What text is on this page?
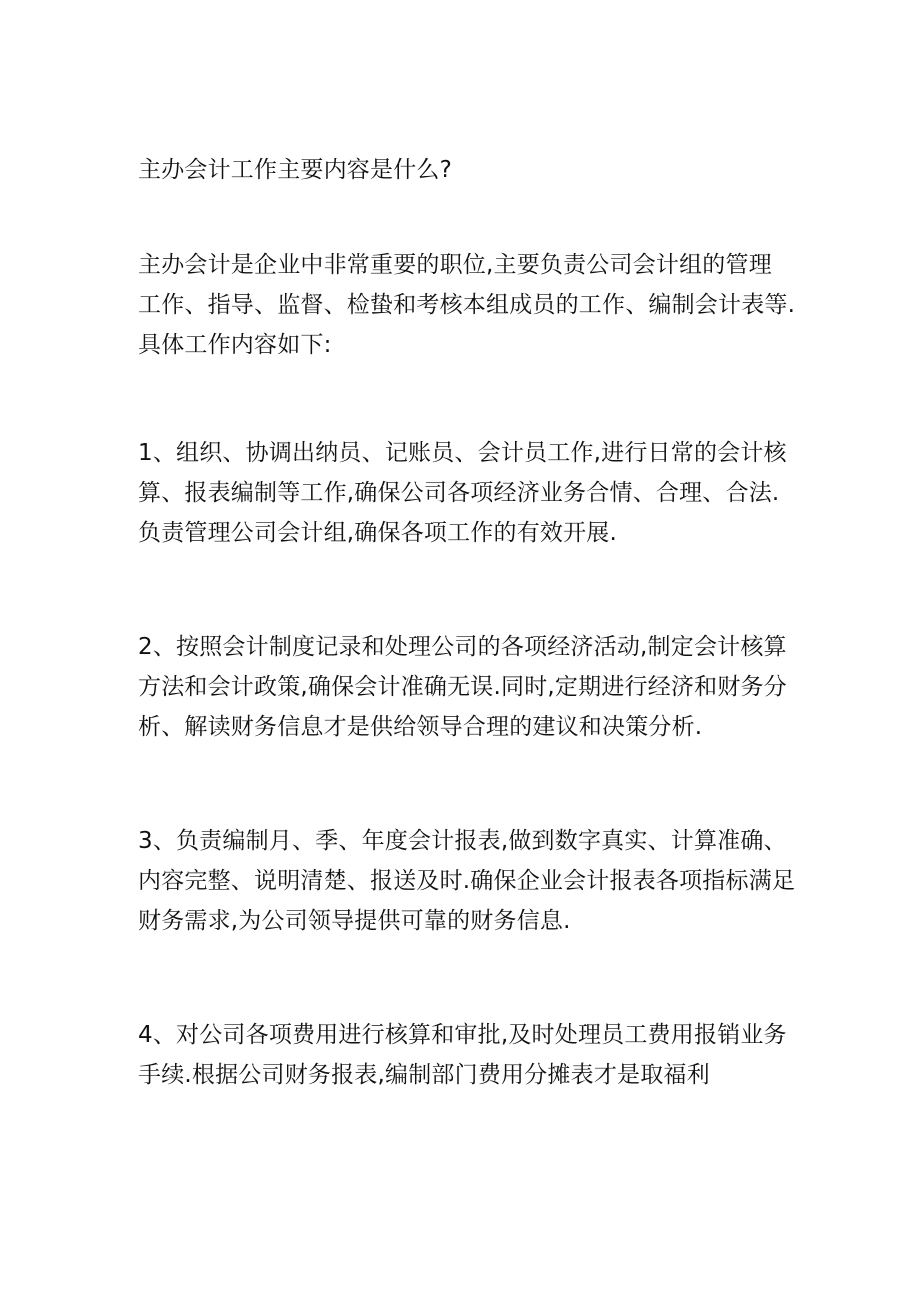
主办会计工作主要内容是什么?
主办会计是企业中非常重要的职位,主要负责公司会计组的管理
工作、指导、监督、检蛰和考核本组成员的工作、编制会计表等.
具体工作内容如下:
1、组织、协调出纳员、记账员、会计员工作,进行日常的会计核
算、报表编制等工作,确保公司各项经济业务合情、合理、合法.
负责管理公司会计组,确保各项工作的有效开展.
2、按照会计制度记录和处理公司的各项经济活动,制定会计核算
方法和会计政策,确保会计准确无误.同时,定期进行经济和财务分
析、解读财务信息才是供给领导合理的建议和决策分析.
3、负责编制月、季、年度会计报表,做到数字真实、计算准确、
内容完整、说明清楚、报送及时.确保企业会计报表各项指标满足
财务需求,为公司领导提供可靠的财务信息.
4、对公司各项费用进行核算和审批,及时处理员工费用报销业务
手续.根据公司财务报表,编制部门费用分摊表才是取福利
